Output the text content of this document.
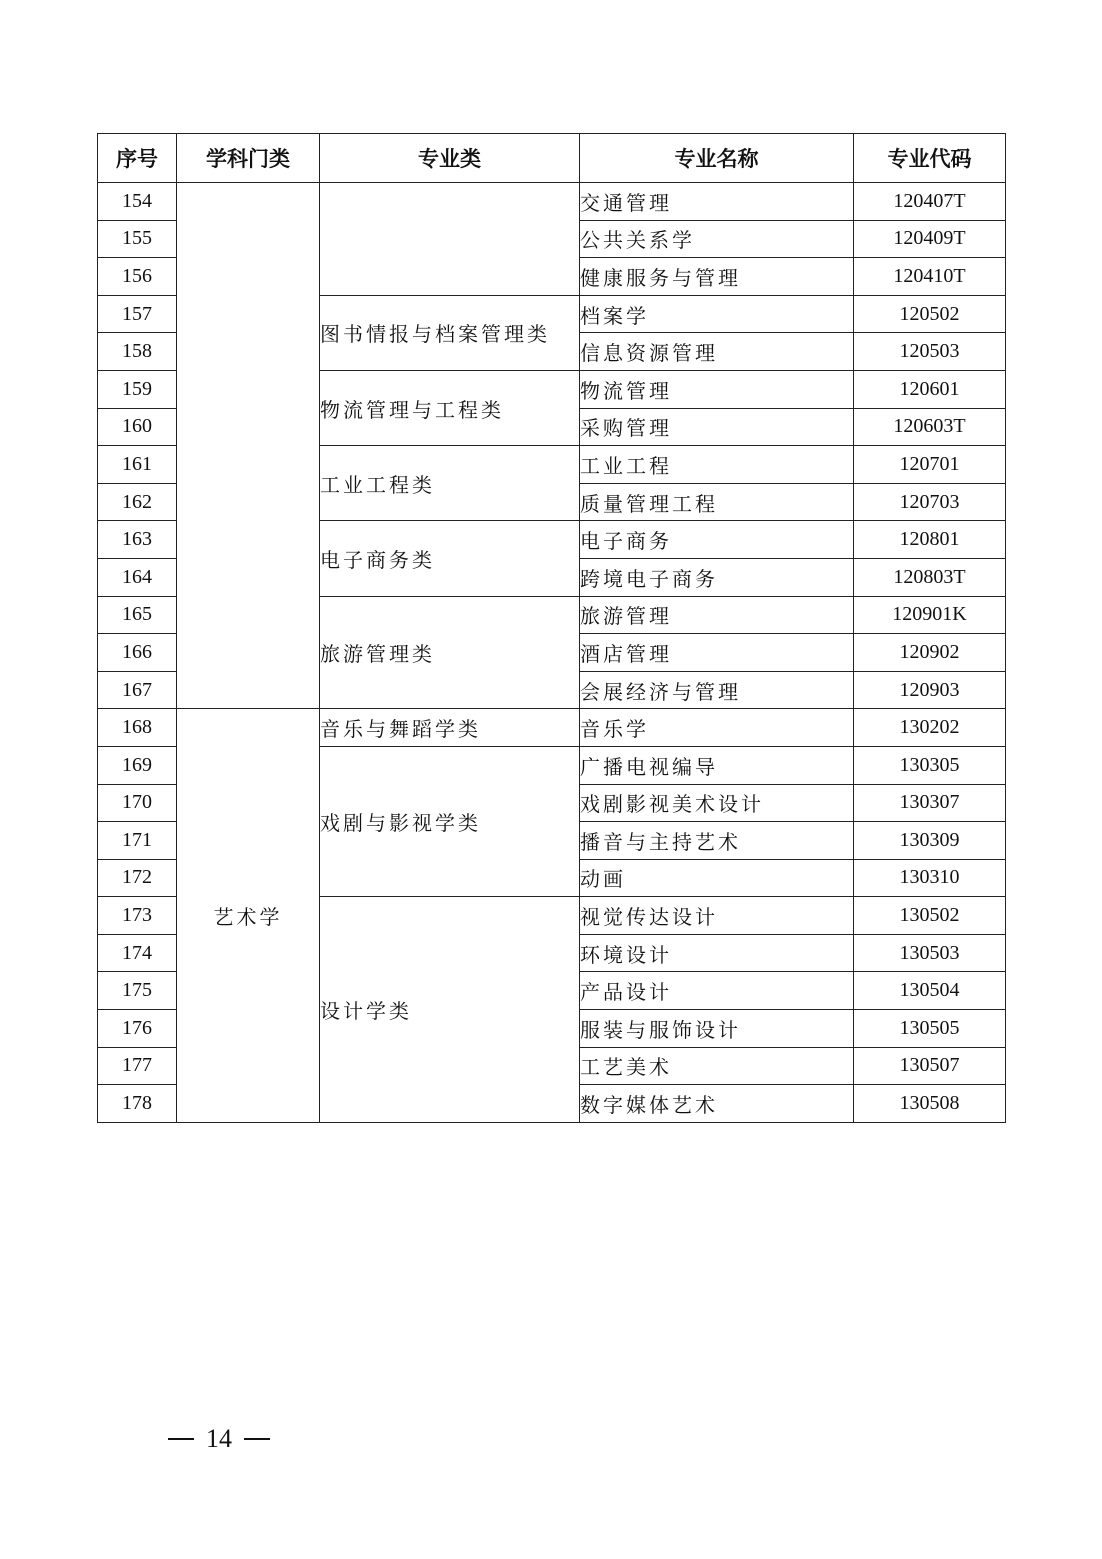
序号	学科门类	专业类	专业名称	专业代码
154			交通管理	120407T
155			公共关系学	120409T
156			健康服务与管理	120410T
157		图书情报与档案管理类	档案学	120502
158			信息资源管理	120503
159		物流管理与工程类	物流管理	120601
160			采购管理	120603T
161		工业工程类	工业工程	120701
162			质量管理工程	120703
163		电子商务类	电子商务	120801
164			跨境电子商务	120803T
165		旅游管理类	旅游管理	120901K
166			酒店管理	120902
167			会展经济与管理	120903
168	艺术学	音乐与舞蹈学类	音乐学	130202
169		戏剧与影视学类	广播电视编导	130305
170			戏剧影视美术设计	130307
171			播音与主持艺术	130309
172			动画	130310
173		设计学类	视觉传达设计	130502
174			环境设计	130503
175			产品设计	130504
176			服装与服饰设计	130505
177			工艺美术	130507
178			数字媒体艺术	130508
14
